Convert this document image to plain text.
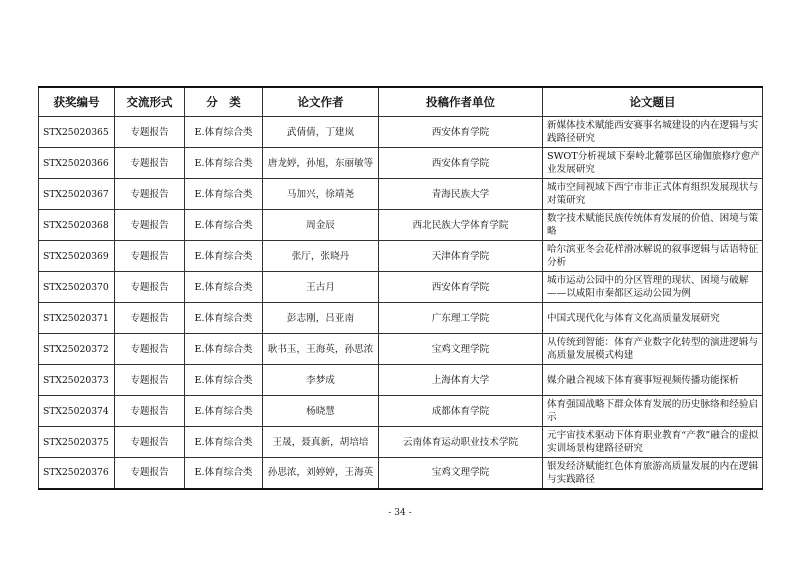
获奖编号	交流形式	分　类	论文作者	投稿作者单位	论文题目
STX25020365	专题报告	E.体育综合类	武倩倩，丁建岚	西安体育学院	新媒体技术赋能西安赛事名城建设的内在逻辑与实践路径研究
STX25020366	专题报告	E.体育综合类	唐龙婷，孙旭，东丽敏等	西安体育学院	SWOT分析视域下秦岭北麓鄠邑区瑜伽旅修疗愈产业发展研究
STX25020367	专题报告	E.体育综合类	马加兴，徐靖尧	青海民族大学	城市空间视域下西宁市非正式体育组织发展现状与对策研究
STX25020368	专题报告	E.体育综合类	周金辰	西北民族大学体育学院	数字技术赋能民族传统体育发展的价值、困境与策略
STX25020369	专题报告	E.体育综合类	张厅，张晓丹	天津体育学院	哈尔滨亚冬会花样滑冰解说的叙事逻辑与话语特征分析
STX25020370	专题报告	E.体育综合类	王古月	西安体育学院	城市运动公园中的分区管理的现状、困境与破解——以咸阳市秦都区运动公园为例
STX25020371	专题报告	E.体育综合类	彭志刚，吕亚南	广东理工学院	中国式现代化与体育文化高质量发展研究
STX25020372	专题报告	E.体育综合类	耿书玉，王海英，孙思浓	宝鸡文理学院	从传统到智能：体育产业数字化转型的演进逻辑与高质量发展模式构建
STX25020373	专题报告	E.体育综合类	李梦成	上海体育大学	媒介融合视域下体育赛事短视频传播功能探析
STX25020374	专题报告	E.体育综合类	杨晓慧	成都体育学院	体育强国战略下群众体育发展的历史脉络和经验启示
STX25020375	专题报告	E.体育综合类	王晟，聂真新，胡培培	云南体育运动职业技术学院	元宇宙技术驱动下体育职业教育“产教”融合的虚拟实训场景构建路径研究
STX25020376	专题报告	E.体育综合类	孙思浓，刘婷婷，王海英	宝鸡文理学院	银发经济赋能红色体育旅游高质量发展的内在逻辑与实践路径
- 34 -
